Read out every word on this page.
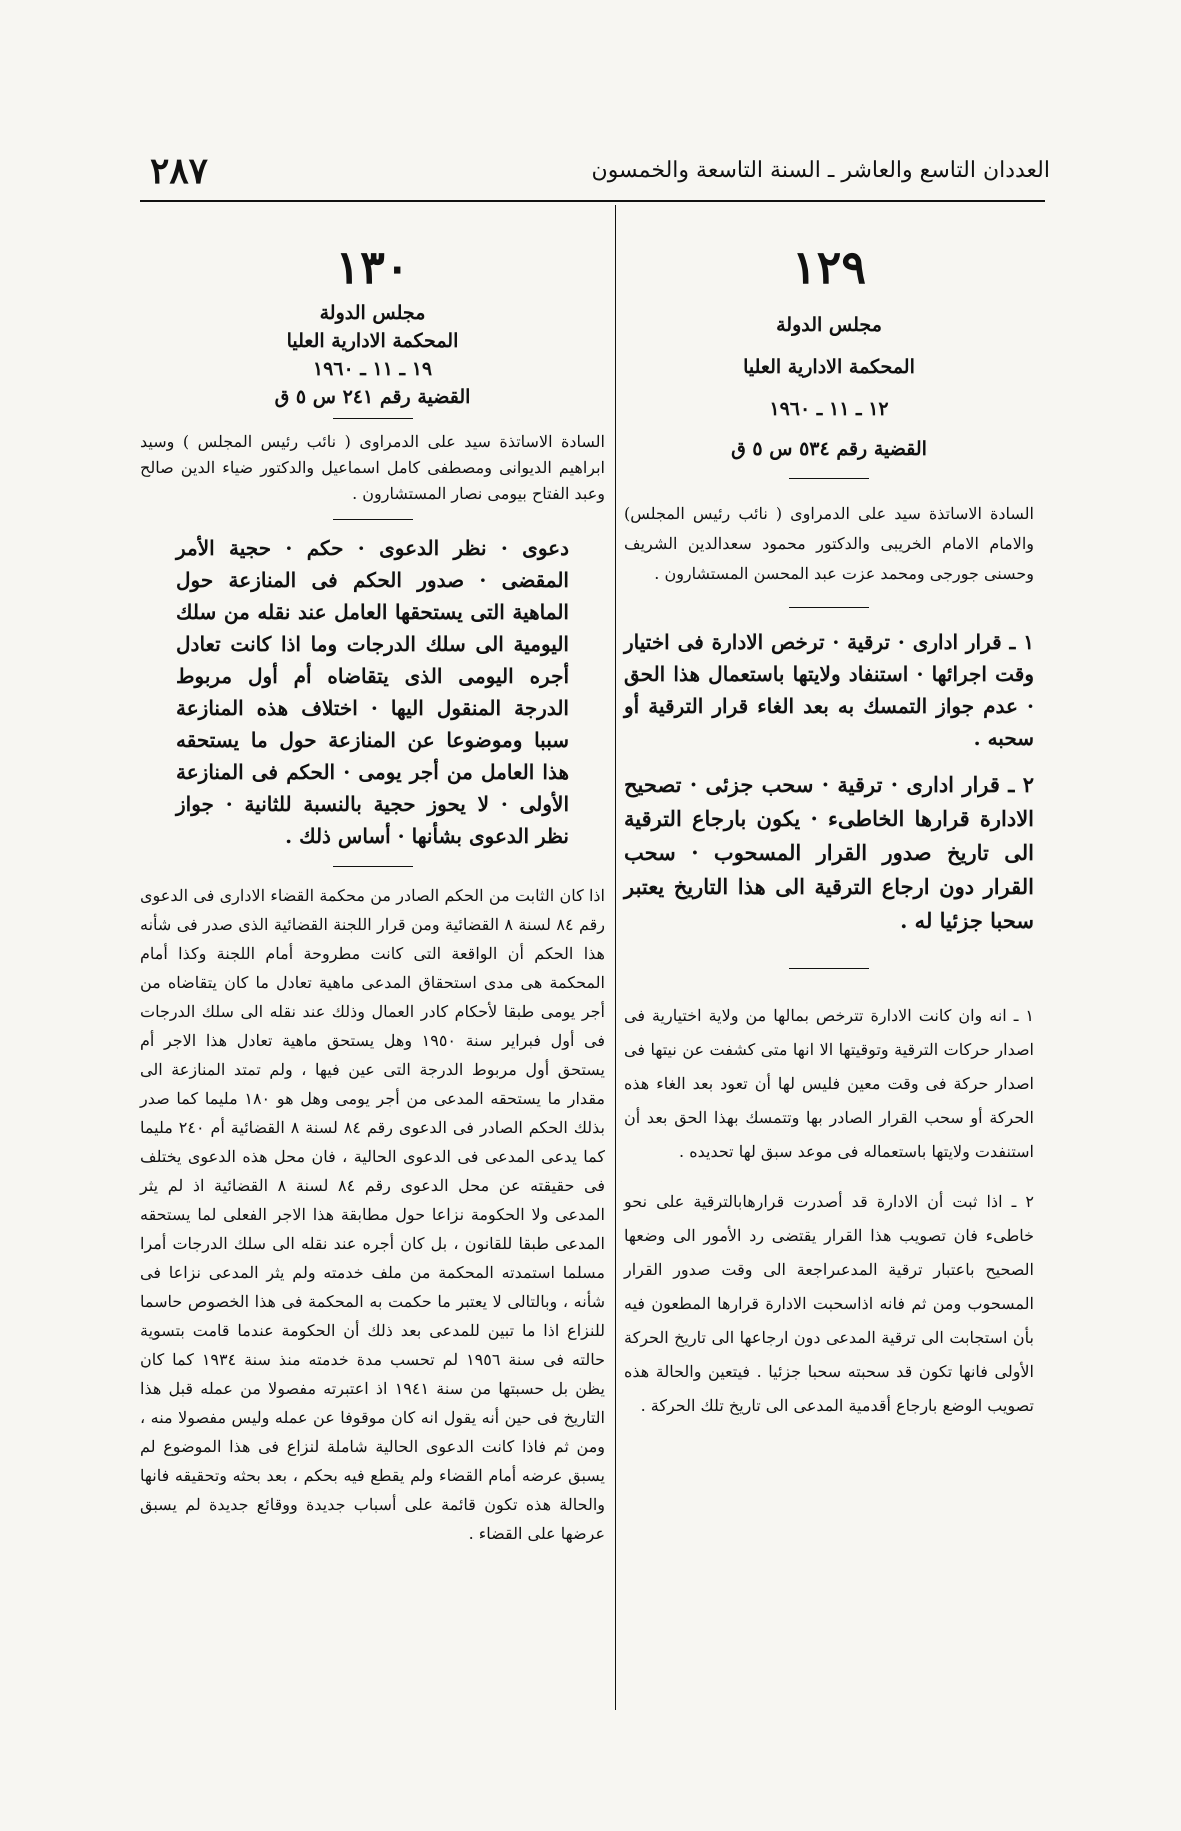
العددان التاسع والعاشر ـ السنة التاسعة والخمسون
٢٨٧

١٢٩

مجلس الدولة

المحكمة الادارية العليا

١٢ ـ ١١ ـ ١٩٦٠

القضية رقم ٥٣٤ س ٥ ق

السادة الاساتذة سيد على الدمراوى ( نائب رئيس المجلس) والامام الامام الخريبى والدكتور محمود سعدالدين الشريف وحسنى جورجى ومحمد عزت عبد المحسن المستشارون .

١ ـ قرار ادارى · ترقية · ترخص الادارة فى اختيار وقت اجرائها · استنفاد ولايتها باستعمال هذا الحق · عدم جواز التمسك به بعد الغاء قرار الترقية أو سحبه .

٢ ـ قرار ادارى · ترقية · سحب جزئى · تصحيح الادارة قرارها الخاطىء · يكون بارجاع الترقية الى تاريخ صدور القرار المسحوب · سحب القرار دون ارجاع الترقية الى هذا التاريخ يعتبر سحبا جزئيا له .

١ ـ انه وان كانت الادارة تترخص بمالها من ولاية اختيارية فى اصدار حركات الترقية وتوقيتها الا انها متى كشفت عن نيتها فى اصدار حركة فى وقت معين فليس لها أن تعود بعد الغاء هذه الحركة أو سحب القرار الصادر بها وتتمسك بهذا الحق بعد أن استنفدت ولايتها باستعماله فى موعد سبق لها تحديده .

٢ ـ اذا ثبت أن الادارة قد أصدرت قرارهابالترقية على نحو خاطىء فان تصويب هذا القرار يقتضى رد الأمور الى وضعها الصحيح باعتبار ترقية المدعىراجعة الى وقت صدور القرار المسحوب ومن ثم فانه اذاسحبت الادارة قرارها المطعون فيه بأن استجابت الى ترقية المدعى دون ارجاعها الى تاريخ الحركة الأولى فانها تكون قد سحبته سحبا جزئيا . فيتعين والحالة هذه تصويب الوضع بارجاع أقدمية المدعى الى تاريخ تلك الحركة .

١٣٠

مجلس الدولة

المحكمة الادارية العليا

١٩ ـ ١١ ـ ١٩٦٠

القضية رقم ٢٤١ س ٥ ق

السادة الاساتذة سيد على الدمراوى ( نائب رئيس المجلس ) وسيد ابراهيم الديوانى ومصطفى كامل اسماعيل والدكتور ضياء الدين صالح وعبد الفتاح بيومى نصار المستشارون .

دعوى · نظر الدعوى · حكم · حجية الأمر المقضى · صدور الحكم فى المنازعة حول الماهية التى يستحقها العامل عند نقله من سلك اليومية الى سلك الدرجات وما اذا كانت تعادل أجره اليومى الذى يتقاضاه أم أول مربوط الدرجة المنقول اليها · اختلاف هذه المنازعة سببا وموضوعا عن المنازعة حول ما يستحقه هذا العامل من أجر يومى · الحكم فى المنازعة الأولى · لا يحوز حجية بالنسبة للثانية · جواز نظر الدعوى بشأنها · أساس ذلك .

اذا كان الثابت من الحكم الصادر من محكمة القضاء الادارى فى الدعوى رقم ٨٤ لسنة ٨ القضائية ومن قرار اللجنة القضائية الذى صدر فى شأنه هذا الحكم أن الواقعة التى كانت مطروحة أمام اللجنة وكذا أمام المحكمة هى مدى استحقاق المدعى ماهية تعادل ما كان يتقاضاه من أجر يومى طبقا لأحكام كادر العمال وذلك عند نقله الى سلك الدرجات فى أول فبراير سنة ١٩٥٠ وهل يستحق ماهية تعادل هذا الاجر أم يستحق أول مربوط الدرجة التى عين فيها ، ولم تمتد المنازعة الى مقدار ما يستحقه المدعى من أجر يومى وهل هو ١٨٠ مليما كما صدر بذلك الحكم الصادر فى الدعوى رقم ٨٤ لسنة ٨ القضائية أم ٢٤٠ مليما كما يدعى المدعى فى الدعوى الحالية ، فان محل هذه الدعوى يختلف فى حقيقته عن محل الدعوى رقم ٨٤ لسنة ٨ القضائية اذ لم يثر المدعى ولا الحكومة نزاعا حول مطابقة هذا الاجر الفعلى لما يستحقه المدعى طبقا للقانون ، بل كان أجره عند نقله الى سلك الدرجات أمرا مسلما استمدته المحكمة من ملف خدمته ولم يثر المدعى نزاعا فى شأنه ، وبالتالى لا يعتبر ما حكمت به المحكمة فى هذا الخصوص حاسما للنزاع اذا ما تبين للمدعى بعد ذلك أن الحكومة عندما قامت بتسوية حالته فى سنة ١٩٥٦ لم تحسب مدة خدمته منذ سنة ١٩٣٤ كما كان يظن بل حسبتها من سنة ١٩٤١ اذ اعتبرته مفصولا من عمله قبل هذا التاريخ فى حين أنه يقول انه كان موقوفا عن عمله وليس مفصولا منه ، ومن ثم فاذا كانت الدعوى الحالية شاملة لنزاع فى هذا الموضوع لم يسبق عرضه أمام القضاء ولم يقطع فيه بحكم ، بعد بحثه وتحقيقه فانها والحالة هذه تكون قائمة على أسباب جديدة ووقائع جديدة لم يسبق عرضها على القضاء .
